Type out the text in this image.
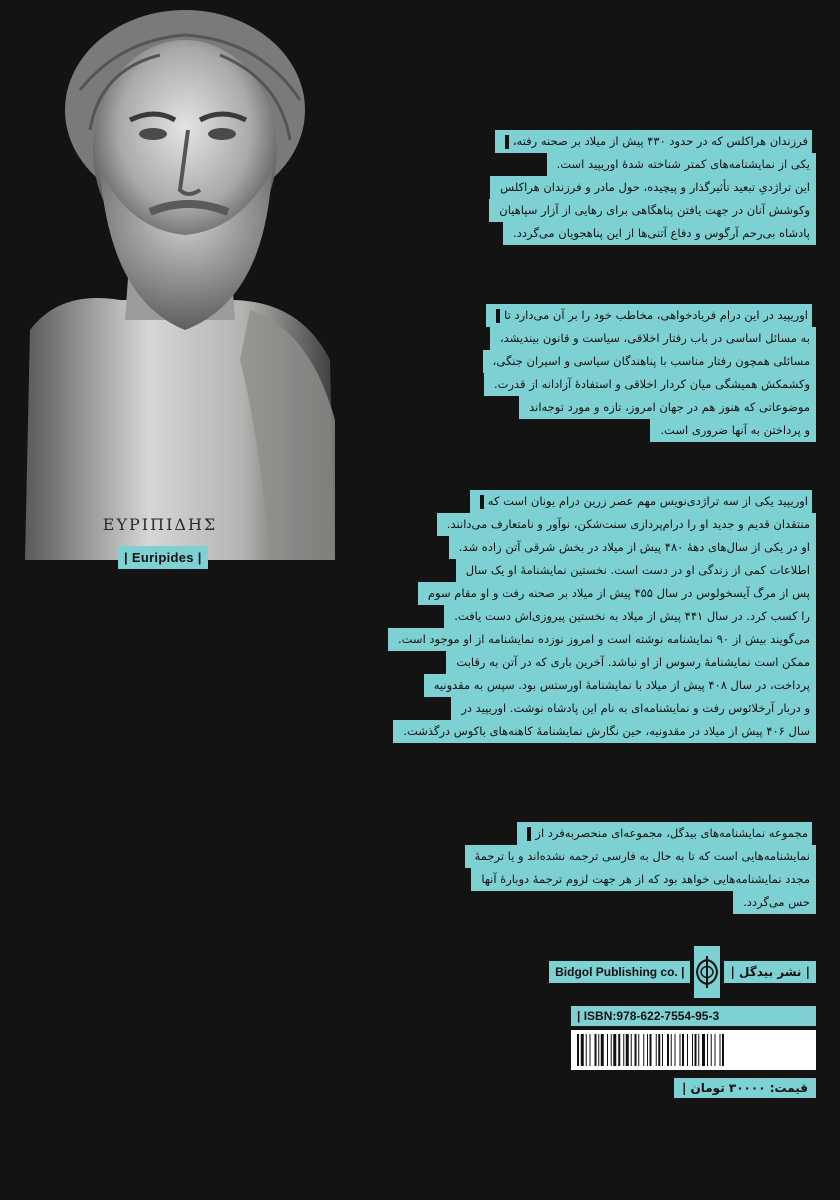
ΕΥΡΙΠΙΔΗΣ
| Euripides |
فرزندان هراکلس که در حدود ۴۳۰ پیش از میلاد بر صحنه رفته،
یکی از نمایشنامه‌های کمتر شناخته شدهٔ اوریپید است.
این تراژدیِ تبعید تأثیرگذار و پیچیده، حول مادر و فرزندان هراکلس
وکوشش آنان در جهت یافتن پناهگاهی برای رهایی از آزار سپاهیان
پادشاه بی‌رحم آرگوس و دفاع آتنی‌ها از این پناهجویان می‌گردد.
اوریپید در این درام فریادخواهی، مخاطب خود را بر آن می‌دارد تا
به مسائل اساسی در باب رفتار اخلاقی، سیاست و قانون بیندیشد،
مسائلی همچون رفتار مناسب با پناهندگان سیاسی و اسیران جنگی،
وکشمکش همیشگی میان کردار اخلاقی و استفادهٔ آزادانه از قدرت.
موضوعاتی که هنوز هم در جهان امروز، تازه و مورد توجه‌اند
و پرداختن به آنها ضروری است.
اوریپید یکی از سه تراژدی‌نویس مهم عصر زرین درام یونان است که
منتقدان قدیم و جدید او را درام‌پردازی سنت‌شکن، نوآور و نامتعارف می‌دانند.
او در یکی از سال‌های دههٔ ۴۸۰ پیش از میلاد در بخش شرقی آتن زاده شد.
اطلاعات کمی از زندگی او در دست است. نخستین نمایشنامهٔ او یک سال
پس از مرگ آیسخولوس در سال ۴۵۵ پیش از میلاد بر صحنه رفت و او مقام سوم
را کسب کرد. در سال ۴۴۱ پیش از میلاد به نخستین پیروزی‌اش دست یافت.
می‌گویند بیش از ۹۰ نمایشنامه نوشته است و امروز نوزده نمایشنامه از او موجود است.
ممکن است نمایشنامهٔ رسوس از او نباشد. آخرین باری که در آتن به رقابت
پرداخت، در سال ۴۰۸ پیش از میلاد با نمایشنامهٔ اورستس بود. سپس به مقدونیه
و دربار آرخلائوس رفت و نمایشنامه‌ای به نام این پادشاه نوشت. اوریپید در
سال ۴۰۶ پیش از میلاد در مقدونیه، حین نگارش نمایشنامهٔ کاهنه‌های باکوس درگذشت.
مجموعه نمایشنامه‌های بیدگل، مجموعه‌ای منحصربه‌فرد از
نمایشنامه‌هایی است که تا به حال به فارسی ترجمه نشده‌اند و یا ترجمهٔ
مجدد نمایشنامه‌هایی خواهد بود که از هر جهت لزوم ترجمهٔ دوبارهٔ آنها
حس می‌گردد.
Bidgol Publishing co. |	| نشر بیدگل |
| ISBN:978-622-7554-95-3
قیمت: ۳۰۰۰۰ تومان |
